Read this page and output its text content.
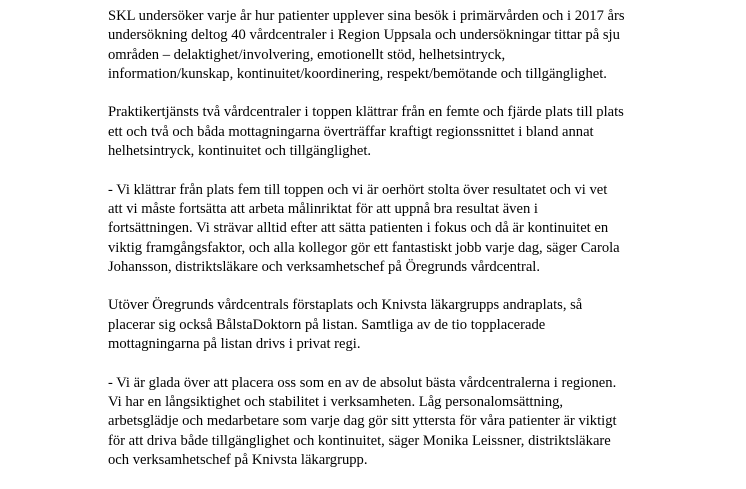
SKL undersöker varje år hur patienter upplever sina besök i primärvården och i 2017 års
undersökning deltog 40 vårdcentraler i Region Uppsala och undersökningar tittar på sju
områden – delaktighet/involvering, emotionellt stöd, helhetsintryck,
information/kunskap, kontinuitet/koordinering, respekt/bemötande och tillgänglighet.

Praktikertjänsts två vårdcentraler i toppen klättrar från en femte och fjärde plats till plats
ett och två och båda mottagningarna överträffar kraftigt regionssnittet i bland annat
helhetsintryck, kontinuitet och tillgänglighet.

- Vi klättrar från plats fem till toppen och vi är oerhört stolta över resultatet och vi vet
att vi måste fortsätta att arbeta målinriktat för att uppnå bra resultat även i
fortsättningen. Vi strävar alltid efter att sätta patienten i fokus och då är kontinuitet en
viktig framgångsfaktor, och alla kollegor gör ett fantastiskt jobb varje dag, säger Carola
Johansson, distriktsläkare och verksamhetschef på Öregrunds vårdcentral.

Utöver Öregrunds vårdcentrals förstaplats och Knivsta läkargrupps andraplats, så
placerar sig också BålstaDoktorn på listan. Samtliga av de tio topplacerade
mottagningarna på listan drivs i privat regi.

- Vi är glada över att placera oss som en av de absolut bästa vårdcentralerna i regionen.
Vi har en långsiktighet och stabilitet i verksamheten. Låg personalomsättning,
arbetsglädje och medarbetare som varje dag gör sitt yttersta för våra patienter är viktigt
för att driva både tillgänglighet och kontinuitet, säger Monika Leissner, distriktsläkare
och verksamhetschef på Knivsta läkargrupp.
